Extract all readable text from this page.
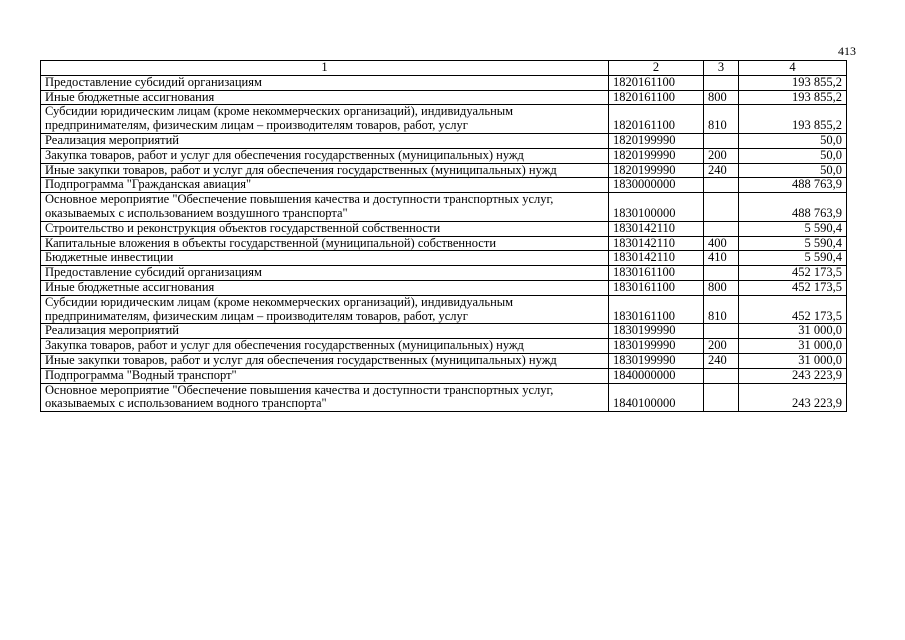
413
1	2	3	4
Предоставление субсидий организациям	1820161100		193 855,2
Иные бюджетные ассигнования	1820161100	800	193 855,2
Субсидии юридическим лицам (кроме некоммерческих организаций), индивидуальным предпринимателям, физическим лицам – производителям товаров, работ, услуг	1820161100	810	193 855,2
Реализация мероприятий	1820199990		50,0
Закупка товаров, работ и услуг для обеспечения государственных (муниципальных) нужд	1820199990	200	50,0
Иные закупки товаров, работ и услуг для обеспечения государственных (муниципальных) нужд	1820199990	240	50,0
Подпрограмма "Гражданская авиация"	1830000000		488 763,9
Основное мероприятие "Обеспечение повышения качества и доступности транспортных услуг, оказываемых с использованием воздушного транспорта"	1830100000		488 763,9
Строительство и реконструкция объектов государственной собственности	1830142110		5 590,4
Капитальные вложения в объекты государственной (муниципальной) собственности	1830142110	400	5 590,4
Бюджетные инвестиции	1830142110	410	5 590,4
Предоставление субсидий организациям	1830161100		452 173,5
Иные бюджетные ассигнования	1830161100	800	452 173,5
Субсидии юридическим лицам (кроме некоммерческих организаций), индивидуальным предпринимателям, физическим лицам – производителям товаров, работ, услуг	1830161100	810	452 173,5
Реализация мероприятий	1830199990		31 000,0
Закупка товаров, работ и услуг для обеспечения государственных (муниципальных) нужд	1830199990	200	31 000,0
Иные закупки товаров, работ и услуг для обеспечения государственных (муниципальных) нужд	1830199990	240	31 000,0
Подпрограмма "Водный транспорт"	1840000000		243 223,9
Основное мероприятие "Обеспечение повышения качества и доступности транспортных услуг, оказываемых с использованием водного транспорта"	1840100000		243 223,9
